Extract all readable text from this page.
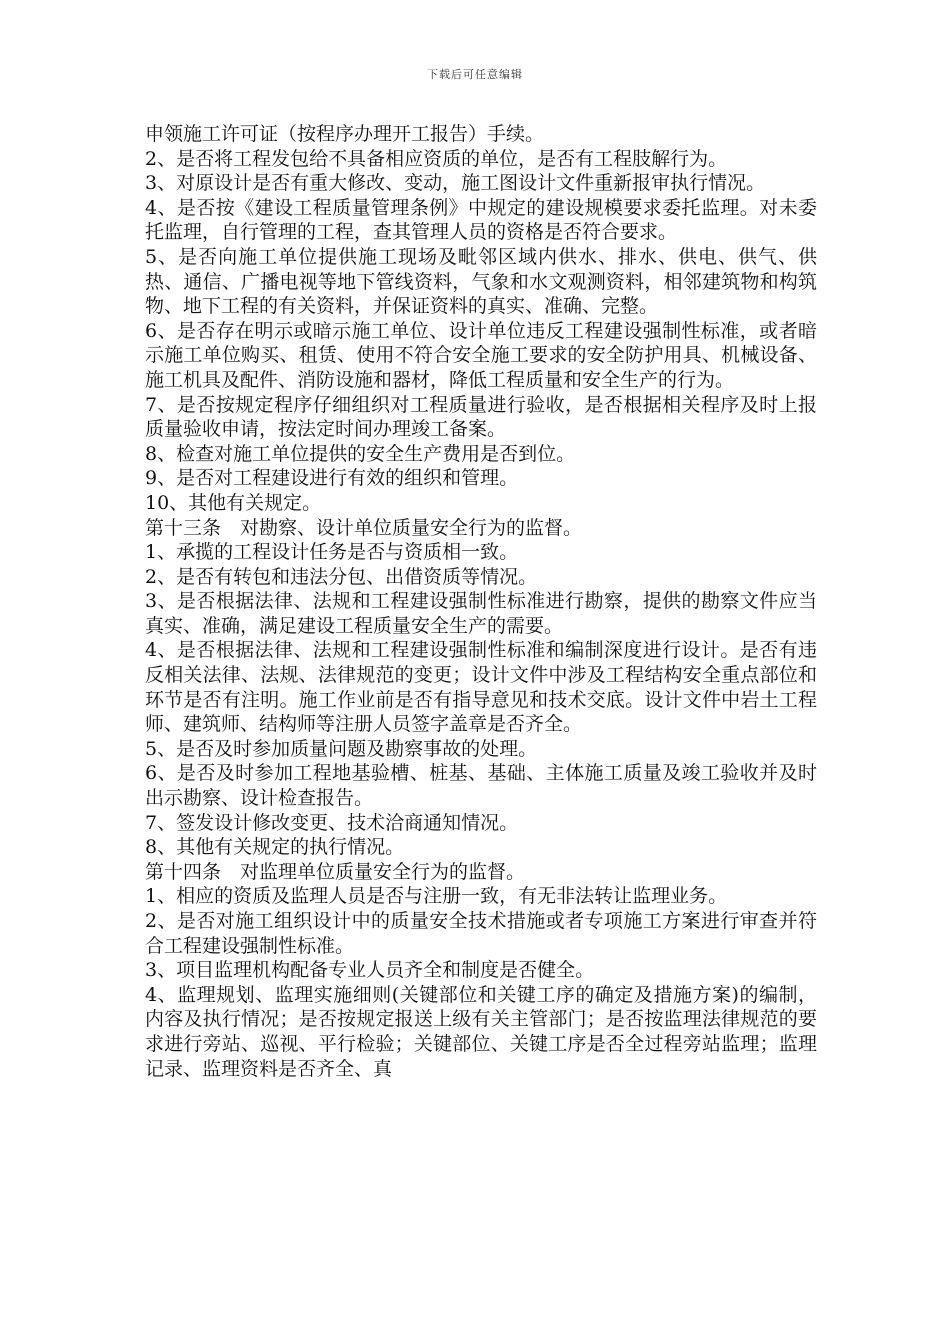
下载后可任意编辑

申领施工许可证（按程序办理开工报告）手续。

2、是否将工程发包给不具备相应资质的单位，是否有工程肢解行为。

3、对原设计是否有重大修改、变动，施工图设计文件重新报审执行情况。

4、是否按《建设工程质量管理条例》中规定的建设规模要求委托监理。对未委托监理，自行管理的工程，查其管理人员的资格是否符合要求。

5、是否向施工单位提供施工现场及毗邻区域内供水、排水、供电、供气、供热、通信、广播电视等地下管线资料，气象和水文观测资料，相邻建筑物和构筑物、地下工程的有关资料，并保证资料的真实、准确、完整。

6、是否存在明示或暗示施工单位、设计单位违反工程建设强制性标准，或者暗示施工单位购买、租赁、使用不符合安全施工要求的安全防护用具、机械设备、施工机具及配件、消防设施和器材，降低工程质量和安全生产的行为。

7、是否按规定程序仔细组织对工程质量进行验收，是否根据相关程序及时上报质量验收申请，按法定时间办理竣工备案。

8、检查对施工单位提供的安全生产费用是否到位。

9、是否对工程建设进行有效的组织和管理。

10、其他有关规定。

第十三条　对勘察、设计单位质量安全行为的监督。

1、承揽的工程设计任务是否与资质相一致。

2、是否有转包和违法分包、出借资质等情况。

3、是否根据法律、法规和工程建设强制性标准进行勘察，提供的勘察文件应当真实、准确，满足建设工程质量安全生产的需要。

4、是否根据法律、法规和工程建设强制性标准和编制深度进行设计。是否有违反相关法律、法规、法律规范的变更；设计文件中涉及工程结构安全重点部位和环节是否有注明。施工作业前是否有指导意见和技术交底。设计文件中岩土工程师、建筑师、结构师等注册人员签字盖章是否齐全。

5、是否及时参加质量问题及勘察事故的处理。

6、是否及时参加工程地基验槽、桩基、基础、主体施工质量及竣工验收并及时出示勘察、设计检查报告。

7、签发设计修改变更、技术洽商通知情况。

8、其他有关规定的执行情况。

第十四条　对监理单位质量安全行为的监督。

1、相应的资质及监理人员是否与注册一致，有无非法转让监理业务。

2、是否对施工组织设计中的质量安全技术措施或者专项施工方案进行审查并符合工程建设强制性标准。

3、项目监理机构配备专业人员齐全和制度是否健全。

4、监理规划、监理实施细则(关键部位和关键工序的确定及措施方案)的编制，内容及执行情况；是否按规定报送上级有关主管部门；是否按监理法律规范的要求进行旁站、巡视、平行检验；关键部位、关键工序是否全过程旁站监理；监理记录、监理资料是否齐全、真
